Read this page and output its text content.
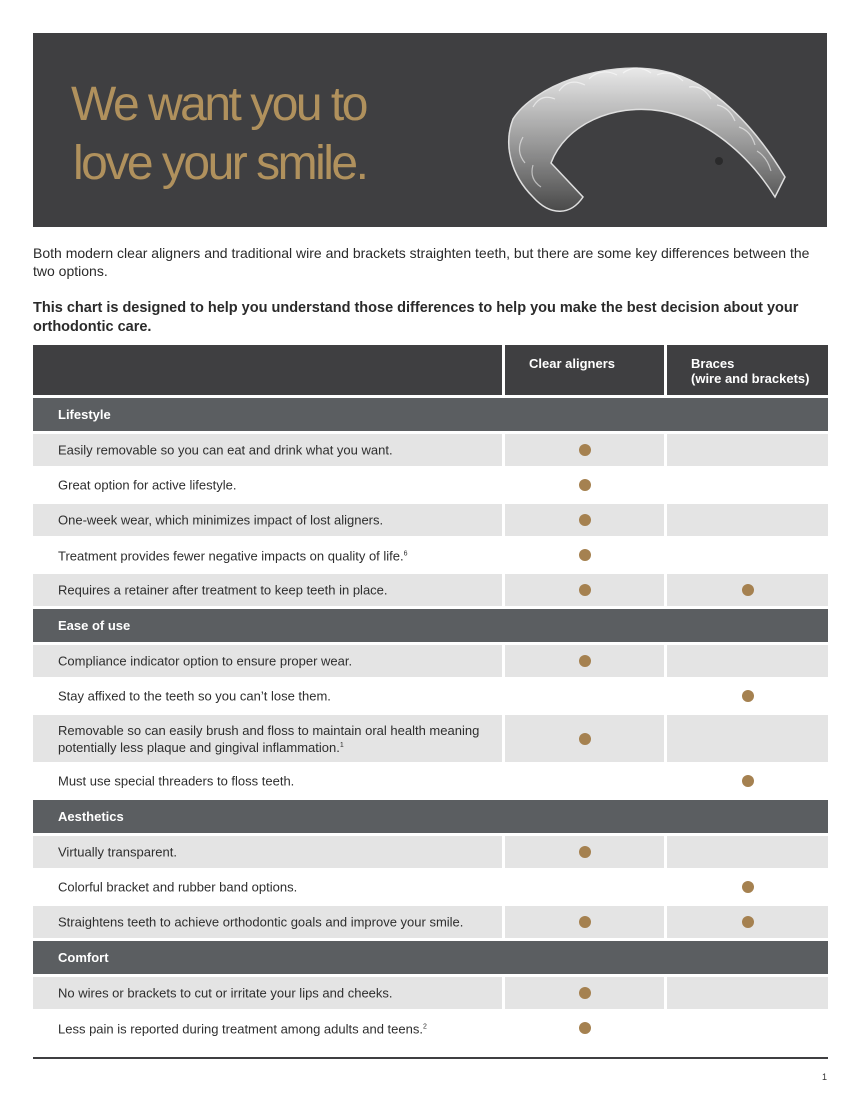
We want you to
love your smile.
Both modern clear aligners and traditional wire and brackets straighten teeth, but there are some key differences between the two options.
This chart is designed to help you understand those differences to help you make the best decision about your orthodontic care.
Clear aligners	Braces
(wire and brackets)
Lifestyle
Easily removable so you can eat and drink what you want.
Great option for active lifestyle.
One-week wear, which minimizes impact of lost aligners.
Treatment provides fewer negative impacts on quality of life.$^6$
Requires a retainer after treatment to keep teeth in place.
Ease of use
Compliance indicator option to ensure proper wear.
Stay affixed to the teeth so you can’t lose them.
Removable so can easily brush and floss to maintain oral health meaning potentially less plaque and gingival inflammation.$^1$
Must use special threaders to floss teeth.
Aesthetics
Virtually transparent.
Colorful bracket and rubber band options.
Straightens teeth to achieve orthodontic goals and improve your smile.
Comfort
No wires or brackets to cut or irritate your lips and cheeks.
Less pain is reported during treatment among adults and teens.$^2$
1
